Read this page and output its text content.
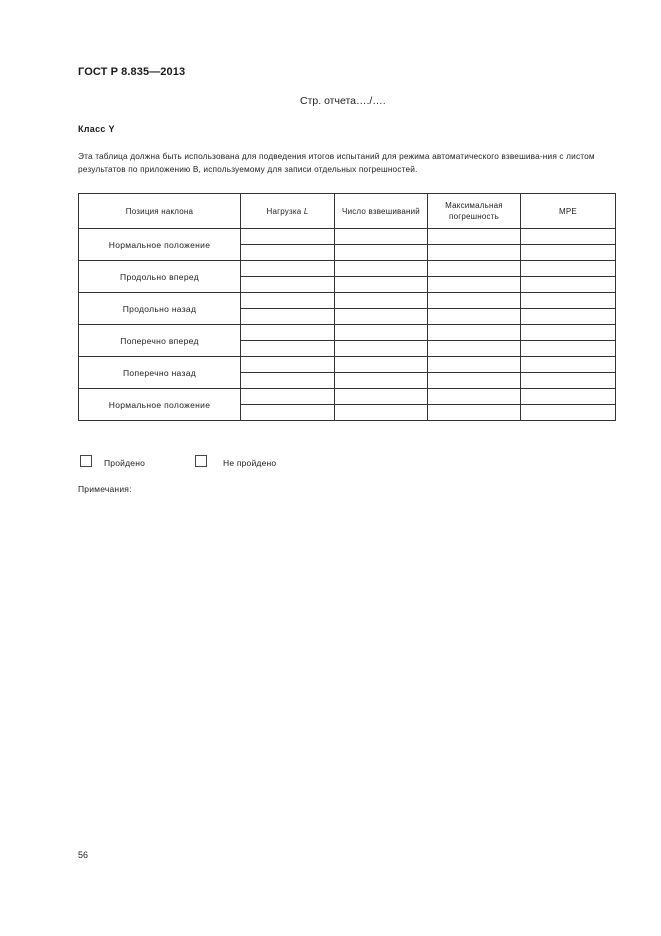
ГОСТ Р 8.835—2013
Стр. отчета…./….
Класс Y

Эта таблица должна быть использована для подведения итогов испытаний для режима автоматического взвешива-ния с листом результатов по приложению В, используемому для записи отдельных погрешностей.

Позиция наклона	Нагрузка L	Число взвешиваний	Максимальная
погрешность	MPE
Нормальное положение				

Продольно вперед				

Продольно назад				

Поперечно вперед				

Поперечно назад				

Нормальное положение				

Пройдено	Не пройдено
Примечания:
56
